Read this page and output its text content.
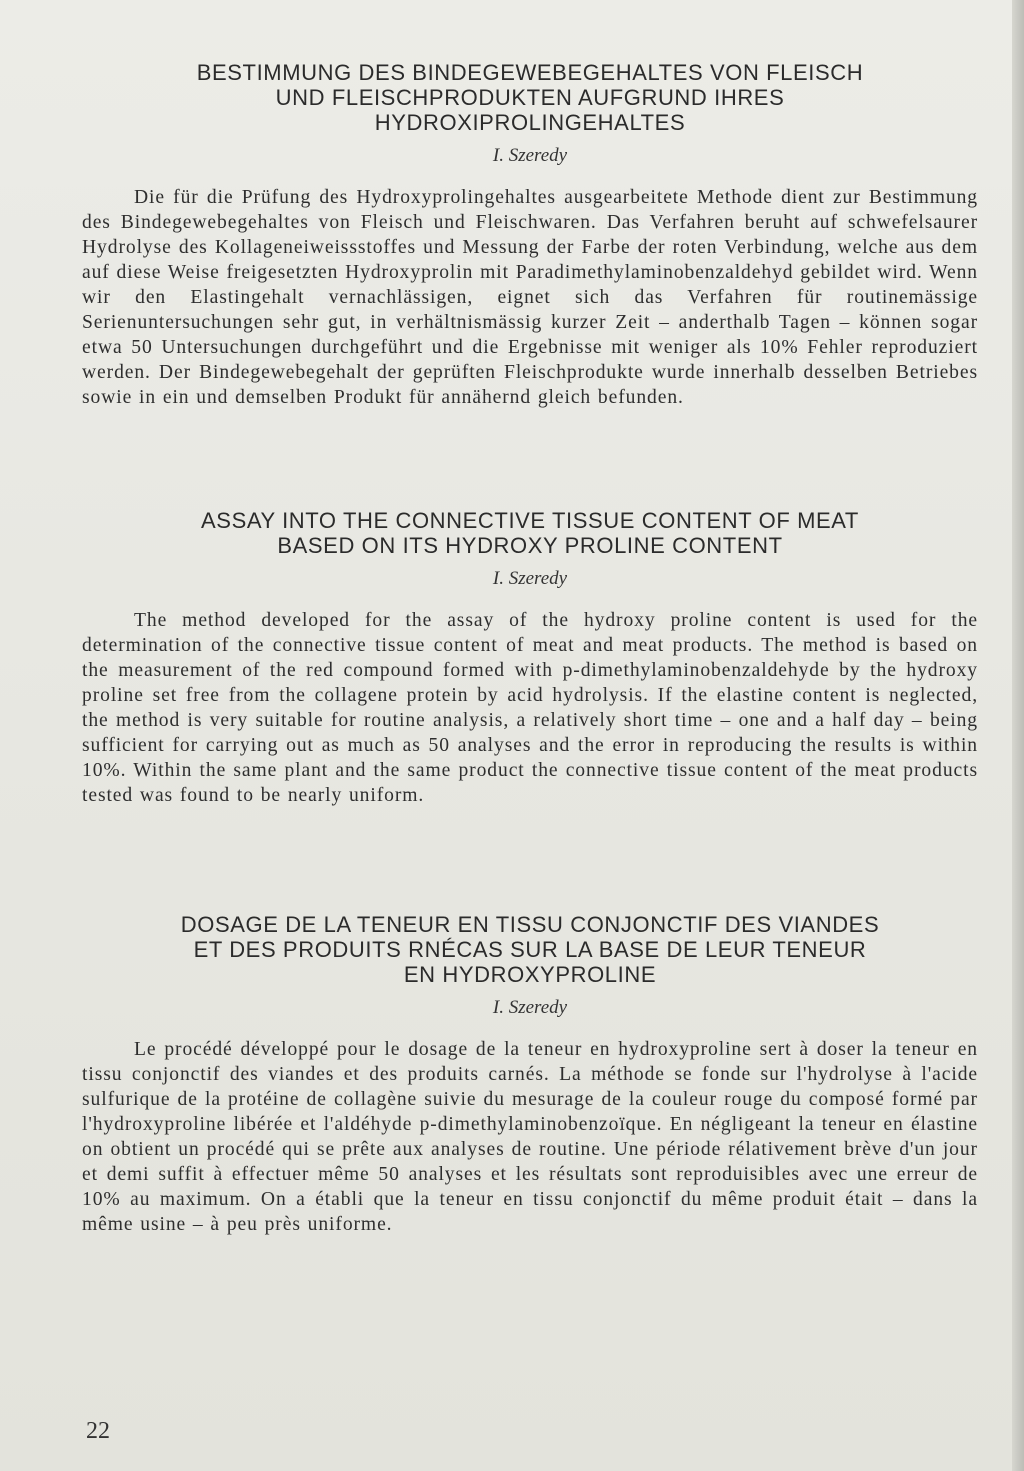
BESTIMMUNG DES BINDEGEWEBEGEHALTES VON FLEISCH
UND FLEISCHPRODUKTEN AUFGRUND IHRES
HYDROXIPROLINGEHALTES
I. Szeredy

Die für die Prüfung des Hydroxyprolingehaltes ausgearbeitete Methode dient zur Bestimmung des Bindegewebegehaltes von Fleisch und Fleischwaren. Das Verfahren beruht auf schwefelsaurer Hydrolyse des Kollageneiweissstoffes und Messung der Farbe der roten Verbindung, welche aus dem auf diese Weise freigesetzten Hydroxyprolin mit Paradimethylaminobenzaldehyd gebildet wird. Wenn wir den Elastingehalt vernachlässigen, eignet sich das Verfahren für routinemässige Serienuntersuchungen sehr gut, in verhältnismässig kurzer Zeit – anderthalb Tagen – können sogar etwa 50 Untersuchungen durchgeführt und die Ergebnisse mit weniger als 10% Fehler reproduziert werden. Der Bindegewebegehalt der geprüften Fleischprodukte wurde innerhalb desselben Betriebes sowie in ein und demselben Produkt für annähernd gleich befunden.

ASSAY INTO THE CONNECTIVE TISSUE CONTENT OF MEAT
BASED ON ITS HYDROXY PROLINE CONTENT
I. Szeredy

The method developed for the assay of the hydroxy proline content is used for the determination of the connective tissue content of meat and meat products. The method is based on the measurement of the red compound formed with p-dimethylaminobenzaldehyde by the hydroxy proline set free from the collagene protein by acid hydrolysis. If the elastine content is neglected, the method is very suitable for routine analysis, a relatively short time – one and a half day – being sufficient for carrying out as much as 50 analyses and the error in reproducing the results is within 10%. Within the same plant and the same product the connective tissue content of the meat products tested was found to be nearly uniform.

DOSAGE DE LA TENEUR EN TISSU CONJONCTIF DES VIANDES
ET DES PRODUITS RNÉCAS SUR LA BASE DE LEUR TENEUR
EN HYDROXYPROLINE
I. Szeredy

Le procédé développé pour le dosage de la teneur en hydroxyproline sert à doser la teneur en tissu conjonctif des viandes et des produits carnés. La méthode se fonde sur l'hydrolyse à l'acide sulfurique de la protéine de collagène suivie du mesurage de la couleur rouge du composé formé par l'hydroxyproline libérée et l'aldéhyde p-dimethylaminobenzoïque. En négligeant la teneur en élastine on obtient un procédé qui se prête aux analyses de routine. Une période rélativement brève d'un jour et demi suffit à effectuer même 50 analyses et les résultats sont reproduisibles avec une erreur de 10% au maximum. On a établi que la teneur en tissu conjonctif du même produit était – dans la même usine – à peu près uniforme.

22
